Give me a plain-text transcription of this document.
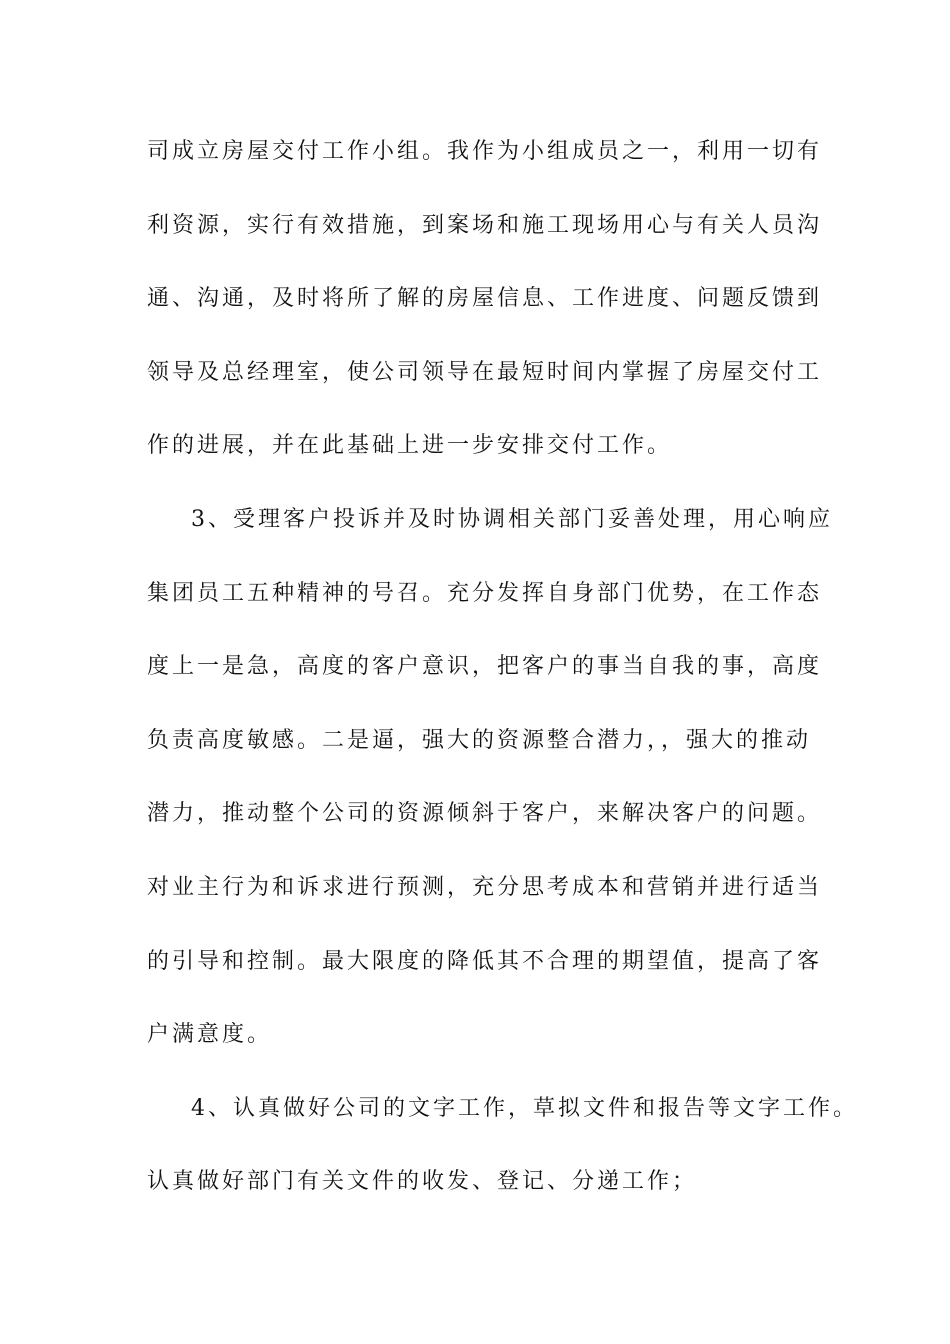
司成立房屋交付工作小组。我作为小组成员之一，利用一切有
利资源，实行有效措施，到案场和施工现场用心与有关人员沟
通、沟通，及时将所了解的房屋信息、工作进度、问题反馈到
领导及总经理室，使公司领导在最短时间内掌握了房屋交付工
作的进展，并在此基础上进一步安排交付工作。
3、受理客户投诉并及时协调相关部门妥善处理，用心响应
集团员工五种精神的号召。充分发挥自身部门优势，在工作态
度上一是急，高度的客户意识，把客户的事当自我的事，高度
负责高度敏感。二是逼，强大的资源整合潜力，，强大的推动
潜力，推动整个公司的资源倾斜于客户，来解决客户的问题。
对业主行为和诉求进行预测，充分思考成本和营销并进行适当
的引导和控制。最大限度的降低其不合理的期望值，提高了客
户满意度。
4、认真做好公司的文字工作，草拟文件和报告等文字工作。
认真做好部门有关文件的收发、登记、分递工作；
